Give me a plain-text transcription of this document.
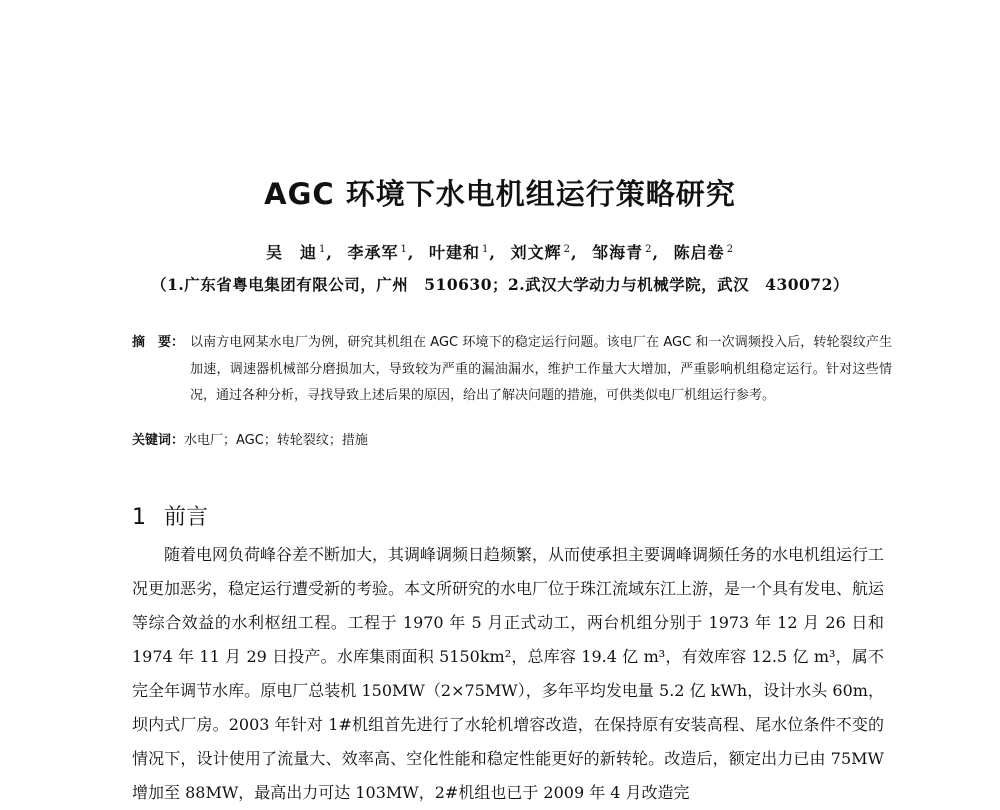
AGC 环境下水电机组运行策略研究
吴　迪 $^1$, 李承军 $^1$, 叶建和 $^1$, 刘文辉 $^2$, 邹海青 $^2$, 陈启卷 $^2$
（1.广东省粤电集团有限公司，广州　510630；2.武汉大学动力与机械学院，武汉　430072）
摘　要： 以南方电网某水电厂为例，研究其机组在 AGC 环境下的稳定运行问题。该电厂在 AGC 和一次调频投入后，转轮裂纹产生加速，调速器机械部分磨损加大，导致较为严重的漏油漏水，维护工作量大大增加，严重影响机组稳定运行。针对这些情况，通过各种分析，寻找导致上述后果的原因，给出了解决问题的措施，可供类似电厂机组运行参考。
关键词：水电厂；AGC；转轮裂纹；措施
1 前言
随着电网负荷峰谷差不断加大，其调峰调频日趋频繁，从而使承担主要调峰调频任务的水电机组运行工况更加恶劣，稳定运行遭受新的考验。本文所研究的水电厂位于珠江流域东江上游，是一个具有发电、航运等综合效益的水利枢纽工程。工程于 1970 年 5 月正式动工，两台机组分别于 1973 年 12 月 26 日和 1974 年 11 月 29 日投产。水库集雨面积 5150km²，总库容 19.4 亿 m³，有效库容 12.5 亿 m³，属不完全年调节水库。原电厂总装机 150MW（2×75MW），多年平均发电量 5.2 亿 kWh，设计水头 60m，坝内式厂房。2003 年针对 1#机组首先进行了水轮机增容改造，在保持原有安装高程、尾水位条件不变的情况下，设计使用了流量大、效率高、空化性能和稳定性能更好的新转轮。改造后，额定出力已由 75MW 增加至 88MW，最高出力可达 103MW，2#机组也已于 2009 年 4 月改造完
